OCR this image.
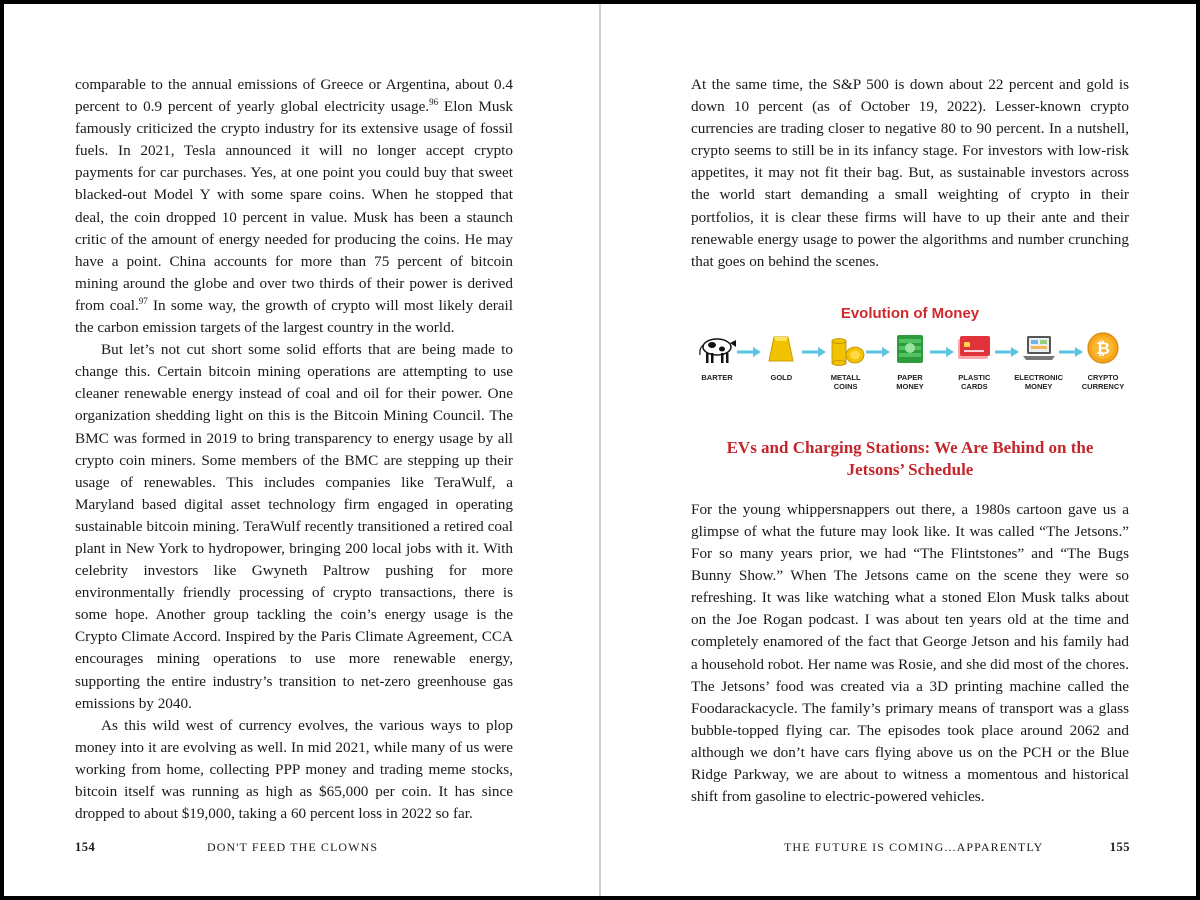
comparable to the annual emissions of Greece or Argentina, about 0.4 percent to 0.9 percent of yearly global electricity usage.$^{96}$ Elon Musk famously criticized the crypto industry for its extensive usage of fossil fuels. In 2021, Tesla announced it will no longer accept crypto payments for car purchases. Yes, at one point you could buy that sweet blacked-out Model Y with some spare coins. When he stopped that deal, the coin dropped 10 percent in value. Musk has been a staunch critic of the amount of energy needed for producing the coins. He may have a point. China accounts for more than 75 percent of bitcoin mining around the globe and over two thirds of their power is derived from coal.$^{97}$ In some way, the growth of crypto will most likely derail the carbon emission targets of the largest country in the world.

But let’s not cut short some solid efforts that are being made to change this. Certain bitcoin mining operations are attempting to use cleaner renewable energy instead of coal and oil for their power. One organization shedding light on this is the Bitcoin Mining Council. The BMC was formed in 2019 to bring transparency to energy usage by all crypto coin miners. Some members of the BMC are stepping up their usage of renewables. This includes companies like TeraWulf, a Maryland based digital asset technology firm engaged in operating sustainable bitcoin mining. TeraWulf recently transitioned a retired coal plant in New York to hydropower, bringing 200 local jobs with it. With celebrity investors like Gwyneth Paltrow pushing for more environmentally friendly processing of crypto transactions, there is some hope. Another group tackling the coin’s energy usage is the Crypto Climate Accord. Inspired by the Paris Climate Agreement, CCA encourages mining operations to use more renewable energy, supporting the entire industry’s transition to net-zero greenhouse gas emissions by 2040.

As this wild west of currency evolves, the various ways to plop money into it are evolving as well. In mid 2021, while many of us were working from home, collecting PPP money and trading meme stocks, bitcoin itself was running as high as $65,000 per coin. It has since dropped to about $19,000, taking a 60 percent loss in 2022 so far.

154	DON'T FEED THE CLOWNS

At the same time, the S&P 500 is down about 22 percent and gold is down 10 percent (as of October 19, 2022). Lesser-known crypto currencies are trading closer to negative 80 to 90 percent. In a nutshell, crypto seems to still be in its infancy stage. For investors with low-risk appetites, it may not fit their bag. But, as sustainable investors across the world start demanding a small weighting of crypto in their portfolios, it is clear these firms will have to up their ante and their renewable energy usage to power the algorithms and number crunching that goes on behind the scenes.

Evolution of Money
BARTER	GOLD	METALL
COINS
PAPER
MONEY
PLASTIC
CARDS
ELECTRONIC
MONEY
₿
CRYPTO
CURRENCY
EVs and Charging Stations: We Are Behind on the
Jetsons’ Schedule

For the young whippersnappers out there, a 1980s cartoon gave us a glimpse of what the future may look like. It was called “The Jetsons.” For so many years prior, we had “The Flintstones” and “The Bugs Bunny Show.” When The Jetsons came on the scene they were so refreshing. It was like watching what a stoned Elon Musk talks about on the Joe Rogan podcast. I was about ten years old at the time and completely enamored of the fact that George Jetson and his family had a household robot. Her name was Rosie, and she did most of the chores. The Jetsons’ food was created via a 3D printing machine called the Foodarackacycle. The family’s primary means of transport was a glass bubble-topped flying car. The episodes took place around 2062 and although we don’t have cars flying above us on the PCH or the Blue Ridge Parkway, we are about to witness a momentous and historical shift from gasoline to electric-powered vehicles.

THE FUTURE IS COMING...APPARENTLY	155
